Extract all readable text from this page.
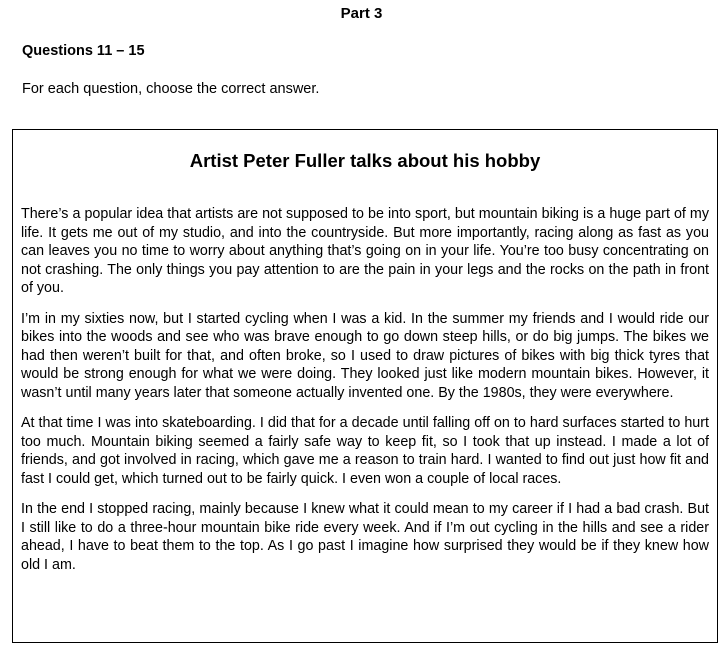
Part 3
Questions 11 – 15

For each question, choose the correct answer.

Artist Peter Fuller talks about his hobby

There’s a popular idea that artists are not supposed to be into sport, but mountain biking is a huge part of my life. It gets me out of my studio, and into the countryside. But more importantly, racing along as fast as you can leaves you no time to worry about anything that’s going on in your life. You’re too busy concentrating on not crashing. The only things you pay attention to are the pain in your legs and the rocks on the path in front of you.

I’m in my sixties now, but I started cycling when I was a kid. In the summer my friends and I would ride our bikes into the woods and see who was brave enough to go down steep hills, or do big jumps. The bikes we had then weren’t built for that, and often broke, so I used to draw pictures of bikes with big thick tyres that would be strong enough for what we were doing. They looked just like modern mountain bikes. However, it wasn’t until many years later that someone actually invented one. By the 1980s, they were everywhere.

At that time I was into skateboarding. I did that for a decade until falling off on to hard surfaces started to hurt too much. Mountain biking seemed a fairly safe way to keep fit, so I took that up instead. I made a lot of friends, and got involved in racing, which gave me a reason to train hard. I wanted to find out just how fit and fast I could get, which turned out to be fairly quick. I even won a couple of local races.

In the end I stopped racing, mainly because I knew what it could mean to my career if I had a bad crash. But I still like to do a three-hour mountain bike ride every week. And if I’m out cycling in the hills and see a rider ahead, I have to beat them to the top. As I go past I imagine how surprised they would be if they knew how old I am.
